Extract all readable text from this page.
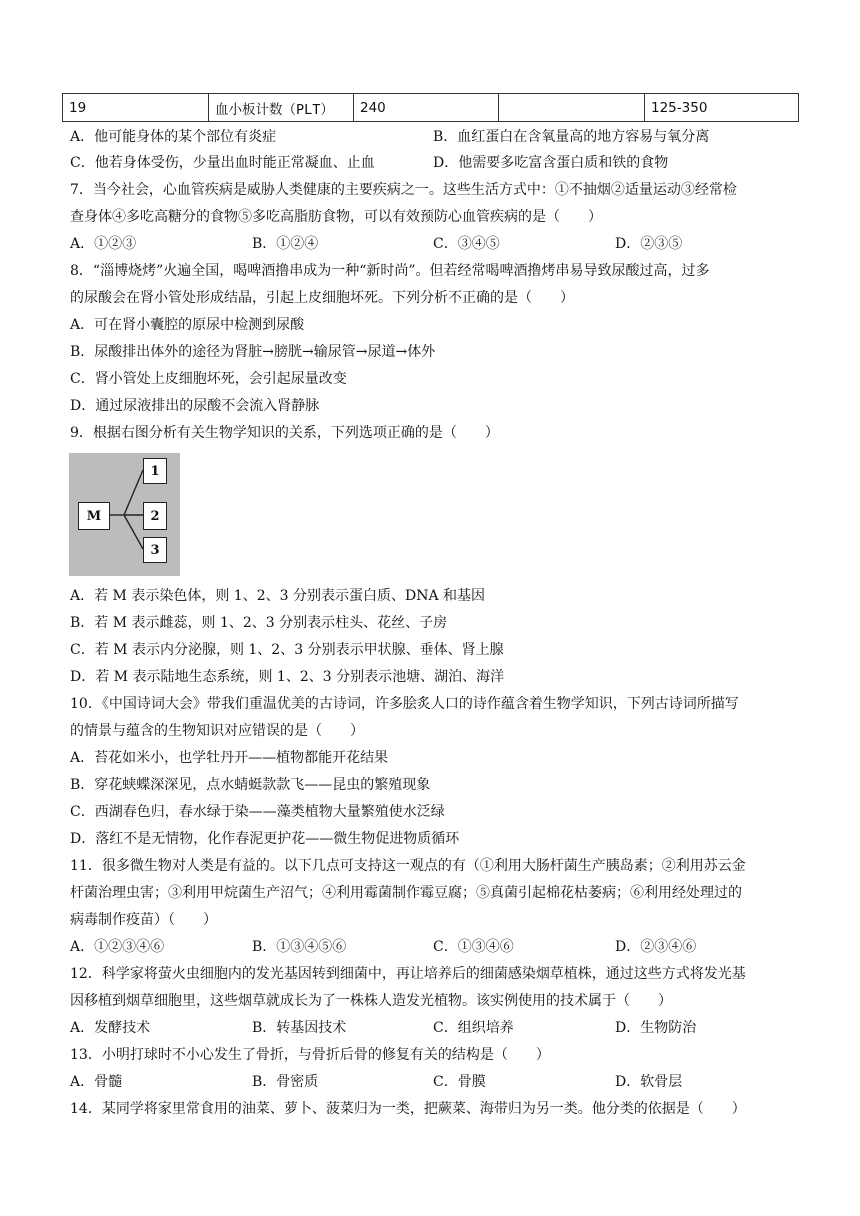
19	血小板计数（PLT）	240		125-350
A．他可能身体的某个部位有炎症	B．血红蛋白在含氧量高的地方容易与氧分离
C．他若身体受伤，少量出血时能正常凝血、止血	D．他需要多吃富含蛋白质和铁的食物
7．当今社会，心血管疾病是威胁人类健康的主要疾病之一。这些生活方式中：①不抽烟②适量运动③经常检
查身体④多吃高糖分的食物⑤多吃高脂肪食物，可以有效预防心血管疾病的是（　　）
A．①②③	B．①②④	C．③④⑤	D．②③⑤
8．“淄博烧烤”火遍全国，喝啤酒撸串成为一种“新时尚”。但若经常喝啤酒撸烤串易导致尿酸过高，过多
的尿酸会在肾小管处形成结晶，引起上皮细胞坏死。下列分析不正确的是（　　）
A．可在肾小囊腔的原尿中检测到尿酸
B．尿酸排出体外的途径为肾脏→膀胱→输尿管→尿道→体外
C．肾小管处上皮细胞坏死，会引起尿量改变
D．通过尿液排出的尿酸不会流入肾静脉
9．根据右图分析有关生物学知识的关系，下列选项正确的是（　　）
M
1
2
3
A．若 M 表示染色体，则 1、2、3 分别表示蛋白质、DNA 和基因
B．若 M 表示雌蕊，则 1、2、3 分别表示柱头、花丝、子房
C．若 M 表示内分泌腺，则 1、2、3 分别表示甲状腺、垂体、肾上腺
D．若 M 表示陆地生态系统，则 1、2、3 分别表示池塘、湖泊、海洋
10．《中国诗词大会》带我们重温优美的古诗词，许多脍炙人口的诗作蕴含着生物学知识，下列古诗词所描写
的情景与蕴含的生物知识对应错误的是（　　）
A．苔花如米小，也学牡丹开——植物都能开花结果
B．穿花蛱蝶深深见，点水蜻蜓款款飞——昆虫的繁殖现象
C．西湖春色归，春水绿于染——藻类植物大量繁殖使水泛绿
D．落红不是无情物，化作春泥更护花——微生物促进物质循环
11．很多微生物对人类是有益的。以下几点可支持这一观点的有（①利用大肠杆菌生产胰岛素；②利用苏云金
杆菌治理虫害；③利用甲烷菌生产沼气；④利用霉菌制作霉豆腐；⑤真菌引起棉花枯萎病；⑥利用经处理过的
病毒制作疫苗）（　　）
A．①②③④⑥	B．①③④⑤⑥	C．①③④⑥	D．②③④⑥
12．科学家将萤火虫细胞内的发光基因转到细菌中，再让培养后的细菌感染烟草植株，通过这些方式将发光基
因移植到烟草细胞里，这些烟草就成长为了一株株人造发光植物。该实例使用的技术属于（　　）
A．发酵技术	B．转基因技术	C．组织培养	D．生物防治
13．小明打球时不小心发生了骨折，与骨折后骨的修复有关的结构是（　　）
A．骨髓	B．骨密质	C．骨膜	D．软骨层
14．某同学将家里常食用的油菜、萝卜、菠菜归为一类，把蕨菜、海带归为另一类。他分类的依据是（　　）
